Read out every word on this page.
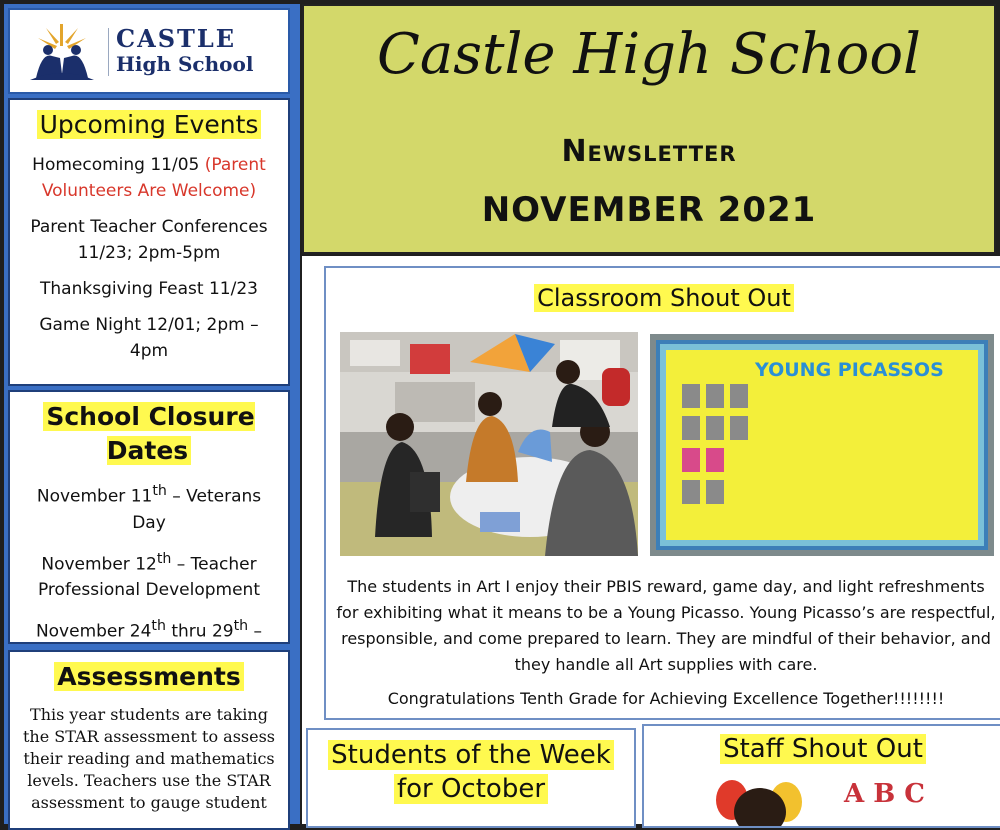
CASTLE
High School
Upcoming Events
Homecoming 11/05 (Parent Volunteers Are Welcome)
Parent Teacher Conferences 11/23; 2pm-5pm
Thanksgiving Feast 11/23
Game Night 12/01; 2pm – 4pm
School Closure Dates
November 11th – Veterans Day
November 12th – Teacher Professional Development
November 24th thru 29th –
Assessments
This year students are taking the STAR assessment to assess their reading and mathematics levels. Teachers use the STAR assessment to gauge student
Castle High School
Newsletter
NOVEMBER 2021
Classroom Shout Out
YOUNG PICASSOS
The students in Art I enjoy their PBIS reward, game day, and light refreshments for exhibiting what it means to be a Young Picasso. Young Picasso’s are respectful, responsible, and come prepared to learn. They are mindful of their behavior, and they handle all Art supplies with care.
Congratulations Tenth Grade for Achieving Excellence Together!!!!!!!!
Students of the Week
for October
Staff Shout Out
A B C
